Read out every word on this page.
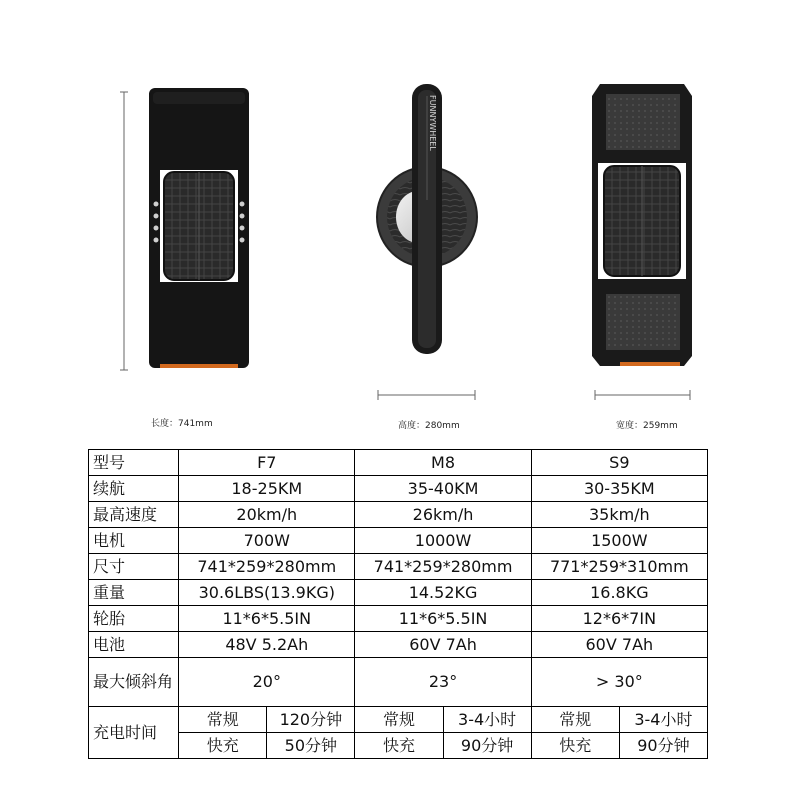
FUNNYWHEEL
长度：741mm	高度：280mm	宽度：259mm
型号	F7		M8		S9	
续航	18-25KM		35-40KM		30-35KM	
最高速度	20km/h		26km/h		35km/h	
电机	700W		1000W		1500W	
尺寸	741*259*280mm		741*259*280mm		771*259*310mm	
重量	30.6LBS(13.9KG)		14.52KG		16.8KG	
轮胎	11*6*5.5IN		11*6*5.5IN		12*6*7IN	
电池	48V 5.2Ah		60V 7Ah		60V 7Ah	
最大倾斜角	20°		23°		> 30°	
充电时间	常规	120分钟	常规	3-4小时	常规	3-4小时
	快充	50分钟	快充	90分钟	快充	90分钟
